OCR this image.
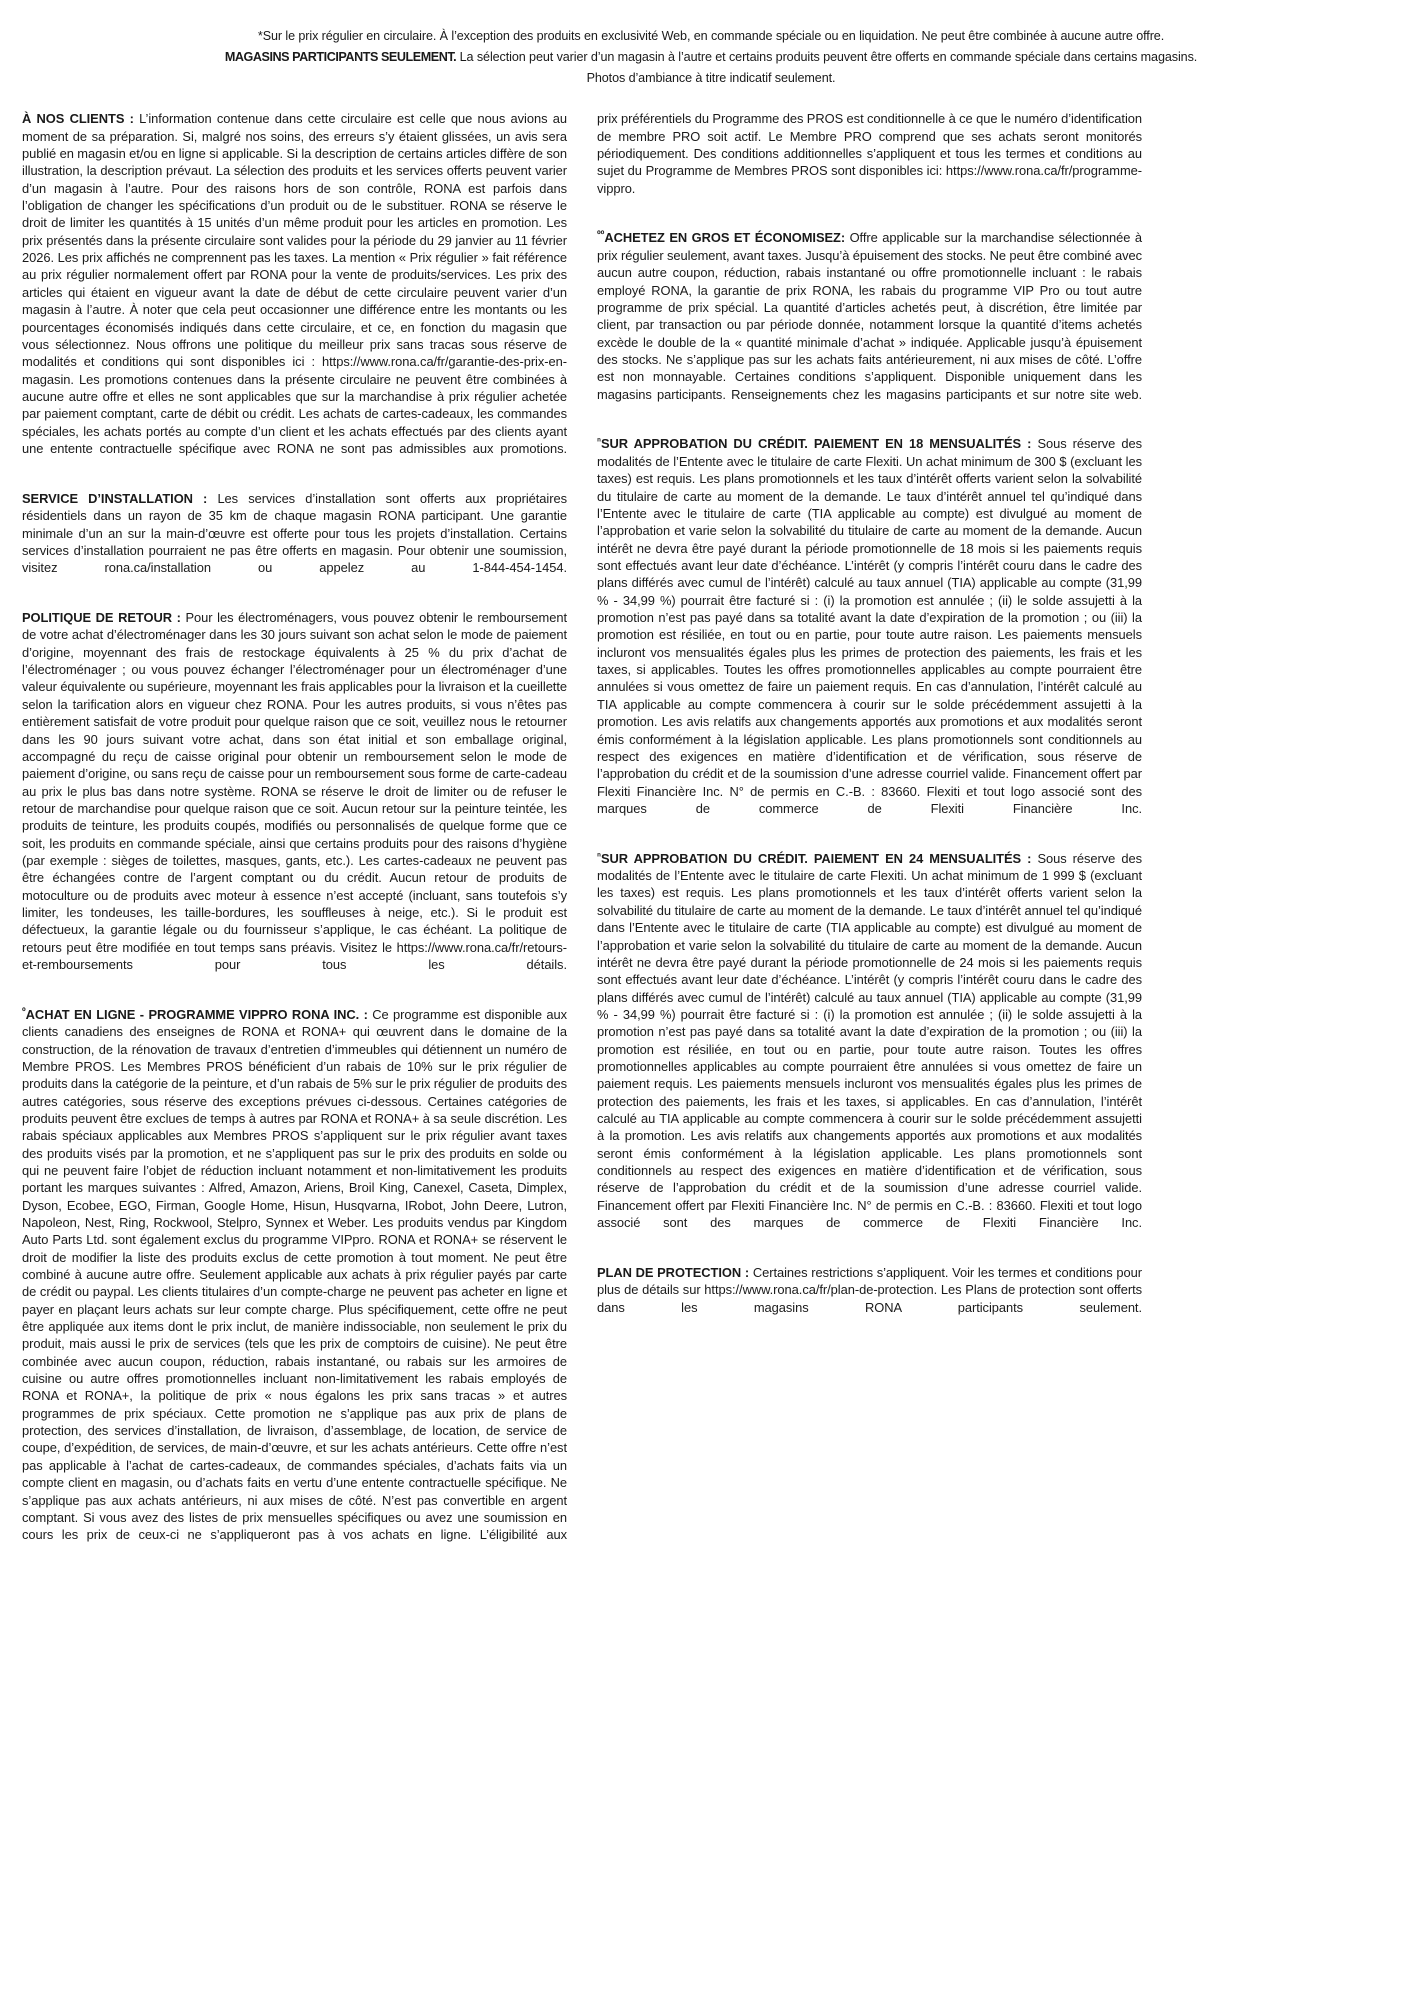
*Sur le prix régulier en circulaire. À l’exception des produits en exclusivité Web, en commande spéciale ou en liquidation. Ne peut être combinée à aucune autre offre.

MAGASINS PARTICIPANTS SEULEMENT. La sélection peut varier d’un magasin à l’autre et certains produits peuvent être offerts en commande spéciale dans certains magasins.

Photos d’ambiance à titre indicatif seulement.

À NOS CLIENTS : L’information contenue dans cette circulaire est celle que nous avions au moment de sa préparation. Si, malgré nos soins, des erreurs s’y étaient glissées, un avis sera publié en magasin et/ou en ligne si applicable. Si la description de certains articles diffère de son illustration, la description prévaut. La sélection des produits et les services offerts peuvent varier d’un magasin à l’autre. Pour des raisons hors de son contrôle, RONA est parfois dans l’obligation de changer les spécifications d’un produit ou de le substituer. RONA se réserve le droit de limiter les quantités à 15 unités d’un même produit pour les articles en promotion. Les prix présentés dans la présente circulaire sont valides pour la période du 29 janvier au 11 février 2026. Les prix affichés ne comprennent pas les taxes. La mention « Prix régulier » fait référence au prix régulier normalement offert par RONA pour la vente de produits/services. Les prix des articles qui étaient en vigueur avant la date de début de cette circulaire peuvent varier d’un magasin à l’autre. À noter que cela peut occasionner une différence entre les montants ou les pourcentages économisés indiqués dans cette circulaire, et ce, en fonction du magasin que vous sélectionnez. Nous offrons une politique du meilleur prix sans tracas sous réserve de modalités et conditions qui sont disponibles ici : https://www.rona.ca/fr/garantie-des-prix-en-magasin. Les promotions contenues dans la présente circulaire ne peuvent être combinées à aucune autre offre et elles ne sont applicables que sur la marchandise à prix régulier achetée par paiement comptant, carte de débit ou crédit. Les achats de cartes-cadeaux, les commandes spéciales, les achats portés au compte d’un client et les achats effectués par des clients ayant une entente contractuelle spécifique avec RONA ne sont pas admissibles aux promotions.

SERVICE D’INSTALLATION : Les services d’installation sont offerts aux propriétaires résidentiels dans un rayon de 35 km de chaque magasin RONA participant. Une garantie minimale d’un an sur la main-d’œuvre est offerte pour tous les projets d’installation. Certains services d’installation pourraient ne pas être offerts en magasin. Pour obtenir une soumission, visitez rona.ca/installation ou appelez au 1-844-454-1454.

POLITIQUE DE RETOUR : Pour les électroménagers, vous pouvez obtenir le remboursement de votre achat d’électroménager dans les 30 jours suivant son achat selon le mode de paiement d’origine, moyennant des frais de restockage équivalents à 25 % du prix d’achat de l’électroménager ; ou vous pouvez échanger l’électroménager pour un électroménager d’une valeur équivalente ou supérieure, moyennant les frais applicables pour la livraison et la cueillette selon la tarification alors en vigueur chez RONA. Pour les autres produits, si vous n’êtes pas entièrement satisfait de votre produit pour quelque raison que ce soit, veuillez nous le retourner dans les 90 jours suivant votre achat, dans son état initial et son emballage original, accompagné du reçu de caisse original pour obtenir un remboursement selon le mode de paiement d’origine, ou sans reçu de caisse pour un remboursement sous forme de carte-cadeau au prix le plus bas dans notre système. RONA se réserve le droit de limiter ou de refuser le retour de marchandise pour quelque raison que ce soit. Aucun retour sur la peinture teintée, les produits de teinture, les produits coupés, modifiés ou personnalisés de quelque forme que ce soit, les produits en commande spéciale, ainsi que certains produits pour des raisons d’hygiène (par exemple : sièges de toilettes, masques, gants, etc.). Les cartes-cadeaux ne peuvent pas être échangées contre de l’argent comptant ou du crédit. Aucun retour de produits de motoculture ou de produits avec moteur à essence n’est accepté (incluant, sans toutefois s’y limiter, les tondeuses, les taille-bordures, les souffleuses à neige, etc.). Si le produit est défectueux, la garantie légale ou du fournisseur s’applique, le cas échéant. La politique de retours peut être modifiée en tout temps sans préavis. Visitez le https://www.rona.ca/fr/retours-et-remboursements pour tous les détails.

$^º$ACHAT EN LIGNE - PROGRAMME VIPPRO RONA INC. : Ce programme est disponible aux clients canadiens des enseignes de RONA et RONA+ qui œuvrent dans le domaine de la construction, de la rénovation de travaux d’entretien d’immeubles qui détiennent un numéro de Membre PROS. Les Membres PROS bénéficient d’un rabais de 10% sur le prix régulier de produits dans la catégorie de la peinture, et d’un rabais de 5% sur le prix régulier de produits des autres catégories, sous réserve des exceptions prévues ci-dessous. Certaines catégories de produits peuvent être exclues de temps à autres par RONA et RONA+ à sa seule discrétion. Les rabais spéciaux applicables aux Membres PROS s’appliquent sur le prix régulier avant taxes des produits visés par la promotion, et ne s’appliquent pas sur le prix des produits en solde ou qui ne peuvent faire l’objet de réduction incluant notamment et non-limitativement les produits portant les marques suivantes : Alfred, Amazon, Ariens, Broil King, Canexel, Caseta, Dimplex, Dyson, Ecobee, EGO, Firman, Google Home, Hisun, Husqvarna, IRobot, John Deere, Lutron, Napoleon, Nest, Ring, Rockwool, Stelpro, Synnex et Weber. Les produits vendus par Kingdom Auto Parts Ltd. sont également exclus du programme VIPpro. RONA et RONA+ se réservent le droit de modifier la liste des produits exclus de cette promotion à tout moment. Ne peut être combiné à aucune autre offre. Seulement applicable aux achats à prix régulier payés par carte de crédit ou paypal. Les clients titulaires d’un compte-charge ne peuvent pas acheter en ligne et payer en plaçant leurs achats sur leur compte charge. Plus spécifiquement, cette offre ne peut être appliquée aux items dont le prix inclut, de manière indissociable, non seulement le prix du produit, mais aussi le prix de services (tels que les prix de comptoirs de cuisine). Ne peut être combinée avec aucun coupon, réduction, rabais instantané, ou rabais sur les armoires de cuisine ou autre offres promotionnelles incluant non-limitativement les rabais employés de RONA et RONA+, la politique de prix « nous égalons les prix sans tracas » et autres programmes de prix spéciaux. Cette promotion ne s’applique pas aux prix de plans de protection, des services d’installation, de livraison, d’assemblage, de location, de service de coupe, d’expédition, de services, de main-d’œuvre, et sur les achats antérieurs. Cette offre n’est pas applicable à l’achat de cartes-cadeaux, de commandes spéciales, d’achats faits via un compte client en magasin, ou d’achats faits en vertu d’une entente contractuelle spécifique. Ne s’applique pas aux achats antérieurs, ni aux mises de côté. N’est pas convertible en argent comptant. Si vous avez des listes de prix mensuelles spécifiques ou avez une soumission en cours les prix de ceux-ci ne s’appliqueront pas à vos achats en ligne. L’éligibilité aux

prix préférentiels du Programme des PROS est conditionnelle à ce que le numéro d’identification de membre PRO soit actif. Le Membre PRO comprend que ses achats seront monitorés périodiquement. Des conditions additionnelles s’appliquent et tous les termes et conditions au sujet du Programme de Membres PROS sont disponibles ici: https://www.rona.ca/fr/programme-vippro.

$^{ºº}$ACHETEZ EN GROS ET ÉCONOMISEZ: Offre applicable sur la marchandise sélectionnée à prix régulier seulement, avant taxes. Jusqu’à épuisement des stocks. Ne peut être combiné avec aucun autre coupon, réduction, rabais instantané ou offre promotionnelle incluant : le rabais employé RONA, la garantie de prix RONA, les rabais du programme VIP Pro ou tout autre programme de prix spécial. La quantité d’articles achetés peut, à discrétion, être limitée par client, par transaction ou par période donnée, notamment lorsque la quantité d’items achetés excède le double de la « quantité minimale d’achat » indiquée. Applicable jusqu’à épuisement des stocks. Ne s’applique pas sur les achats faits antérieurement, ni aux mises de côté. L’offre est non monnayable. Certaines conditions s’appliquent. Disponible uniquement dans les magasins participants. Renseignements chez les magasins participants et sur notre site web.

$^{^n}$SUR APPROBATION DU CRÉDIT. PAIEMENT EN 18 MENSUALITÉS : Sous réserve des modalités de l’Entente avec le titulaire de carte Flexiti. Un achat minimum de 300 $ (excluant les taxes) est requis. Les plans promotionnels et les taux d’intérêt offerts varient selon la solvabilité du titulaire de carte au moment de la demande. Le taux d’intérêt annuel tel qu’indiqué dans l’Entente avec le titulaire de carte (TIA applicable au compte) est divulgué au moment de l’approbation et varie selon la solvabilité du titulaire de carte au moment de la demande. Aucun intérêt ne devra être payé durant la période promotionnelle de 18 mois si les paiements requis sont effectués avant leur date d’échéance. L’intérêt (y compris l’intérêt couru dans le cadre des plans différés avec cumul de l’intérêt) calculé au taux annuel (TIA) applicable au compte (31,99 % - 34,99 %) pourrait être facturé si : (i) la promotion est annulée ; (ii) le solde assujetti à la promotion n’est pas payé dans sa totalité avant la date d’expiration de la promotion ; ou (iii) la promotion est résiliée, en tout ou en partie, pour toute autre raison. Les paiements mensuels incluront vos mensualités égales plus les primes de protection des paiements, les frais et les taxes, si applicables. Toutes les offres promotionnelles applicables au compte pourraient être annulées si vous omettez de faire un paiement requis. En cas d’annulation, l’intérêt calculé au TIA applicable au compte commencera à courir sur le solde précédemment assujetti à la promotion. Les avis relatifs aux changements apportés aux promotions et aux modalités seront émis conformément à la législation applicable. Les plans promotionnels sont conditionnels au respect des exigences en matière d’identification et de vérification, sous réserve de l’approbation du crédit et de la soumission d’une adresse courriel valide. Financement offert par Flexiti Financière Inc. N° de permis en C.-B. : 83660. Flexiti et tout logo associé sont des marques de commerce de Flexiti Financière Inc.

$^{^n}$SUR APPROBATION DU CRÉDIT. PAIEMENT EN 24 MENSUALITÉS : Sous réserve des modalités de l’Entente avec le titulaire de carte Flexiti. Un achat minimum de 1 999 $ (excluant les taxes) est requis. Les plans promotionnels et les taux d’intérêt offerts varient selon la solvabilité du titulaire de carte au moment de la demande. Le taux d’intérêt annuel tel qu’indiqué dans l’Entente avec le titulaire de carte (TIA applicable au compte) est divulgué au moment de l’approbation et varie selon la solvabilité du titulaire de carte au moment de la demande. Aucun intérêt ne devra être payé durant la période promotionnelle de 24 mois si les paiements requis sont effectués avant leur date d’échéance. L’intérêt (y compris l’intérêt couru dans le cadre des plans différés avec cumul de l’intérêt) calculé au taux annuel (TIA) applicable au compte (31,99 % - 34,99 %) pourrait être facturé si : (i) la promotion est annulée ; (ii) le solde assujetti à la promotion n’est pas payé dans sa totalité avant la date d’expiration de la promotion ; ou (iii) la promotion est résiliée, en tout ou en partie, pour toute autre raison. Toutes les offres promotionnelles applicables au compte pourraient être annulées si vous omettez de faire un paiement requis. Les paiements mensuels incluront vos mensualités égales plus les primes de protection des paiements, les frais et les taxes, si applicables. En cas d’annulation, l’intérêt calculé au TIA applicable au compte commencera à courir sur le solde précédemment assujetti à la promotion. Les avis relatifs aux changements apportés aux promotions et aux modalités seront émis conformément à la législation applicable. Les plans promotionnels sont conditionnels au respect des exigences en matière d’identification et de vérification, sous réserve de l’approbation du crédit et de la soumission d’une adresse courriel valide. Financement offert par Flexiti Financière Inc. N° de permis en C.-B. : 83660. Flexiti et tout logo associé sont des marques de commerce de Flexiti Financière Inc.

PLAN DE PROTECTION : Certaines restrictions s’appliquent. Voir les termes et conditions pour plus de détails sur https://www.rona.ca/fr/plan-de-protection. Les Plans de protection sont offerts dans les magasins RONA participants seulement.
